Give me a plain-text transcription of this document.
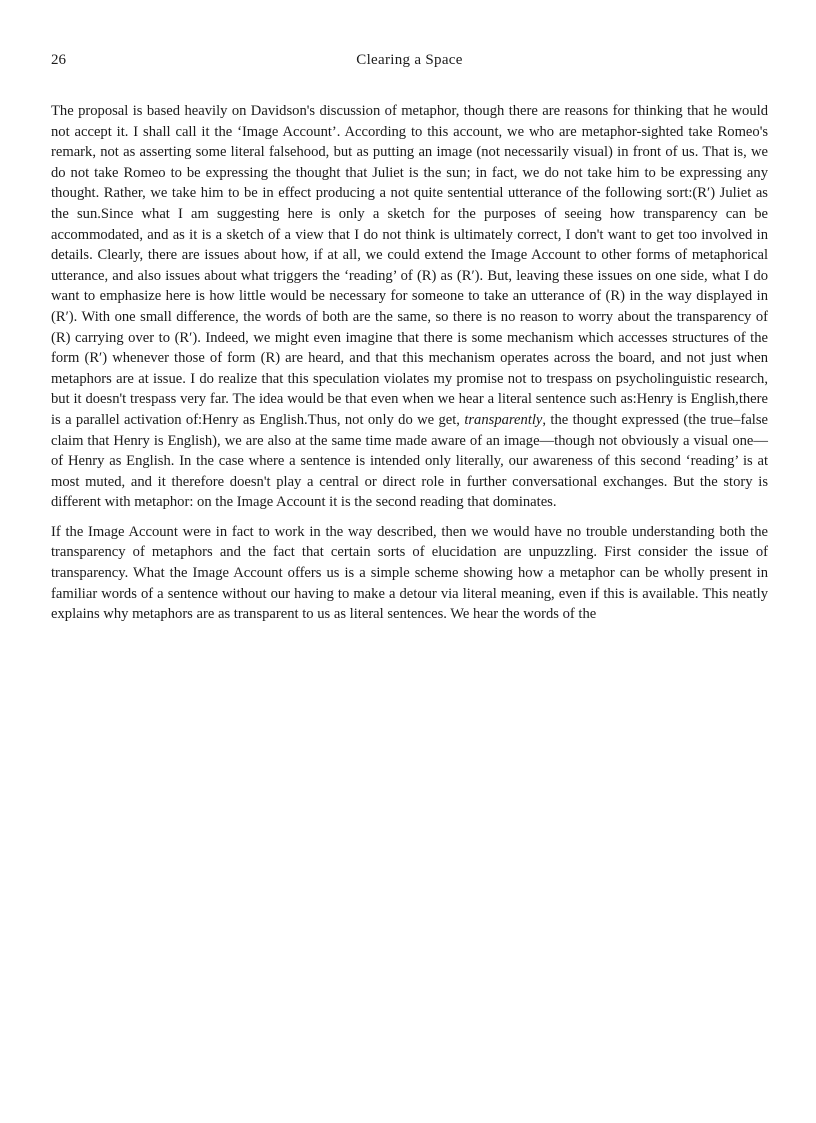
26	Clearing a Space

The proposal is based heavily on Davidson's discussion of metaphor, though there are reasons for thinking that he would not accept it. I shall call it the ‘Image Account’. According to this account, we who are metaphor-sighted take Romeo's remark, not as asserting some literal falsehood, but as putting an image (not necessarily visual) in front of us. That is, we do not take Romeo to be expressing the thought that Juliet is the sun; in fact, we do not take him to be expressing any thought. Rather, we take him to be in effect producing a not quite sentential utterance of the following sort:(R′) Juliet as the sun.Since what I am suggesting here is only a sketch for the purposes of seeing how transparency can be accommodated, and as it is a sketch of a view that I do not think is ultimately correct, I don't want to get too involved in details. Clearly, there are issues about how, if at all, we could extend the Image Account to other forms of metaphorical utterance, and also issues about what triggers the ‘reading’ of (R) as (R′). But, leaving these issues on one side, what I do want to emphasize here is how little would be necessary for someone to take an utterance of (R) in the way displayed in (R′). With one small difference, the words of both are the same, so there is no reason to worry about the transparency of (R) carrying over to (R′). Indeed, we might even imagine that there is some mechanism which accesses structures of the form (R′) whenever those of form (R) are heard, and that this mechanism operates across the board, and not just when metaphors are at issue. I do realize that this speculation violates my promise not to trespass on psycholinguistic research, but it doesn't trespass very far. The idea would be that even when we hear a literal sentence such as:Henry is English,there is a parallel activation of:Henry as English.Thus, not only do we get, transparently, the thought expressed (the true–false claim that Henry is English), we are also at the same time made aware of an image—though not obviously a visual one—of Henry as English. In the case where a sentence is intended only literally, our awareness of this second ‘reading’ is at most muted, and it therefore doesn't play a central or direct role in further conversational exchanges. But the story is different with metaphor: on the Image Account it is the second reading that dominates.

If the Image Account were in fact to work in the way described, then we would have no trouble understanding both the transparency of metaphors and the fact that certain sorts of elucidation are unpuzzling. First consider the issue of transparency. What the Image Account offers us is a simple scheme showing how a metaphor can be wholly present in familiar words of a sentence without our having to make a detour via literal meaning, even if this is available. This neatly explains why metaphors are as transparent to us as literal sentences. We hear the words of the
